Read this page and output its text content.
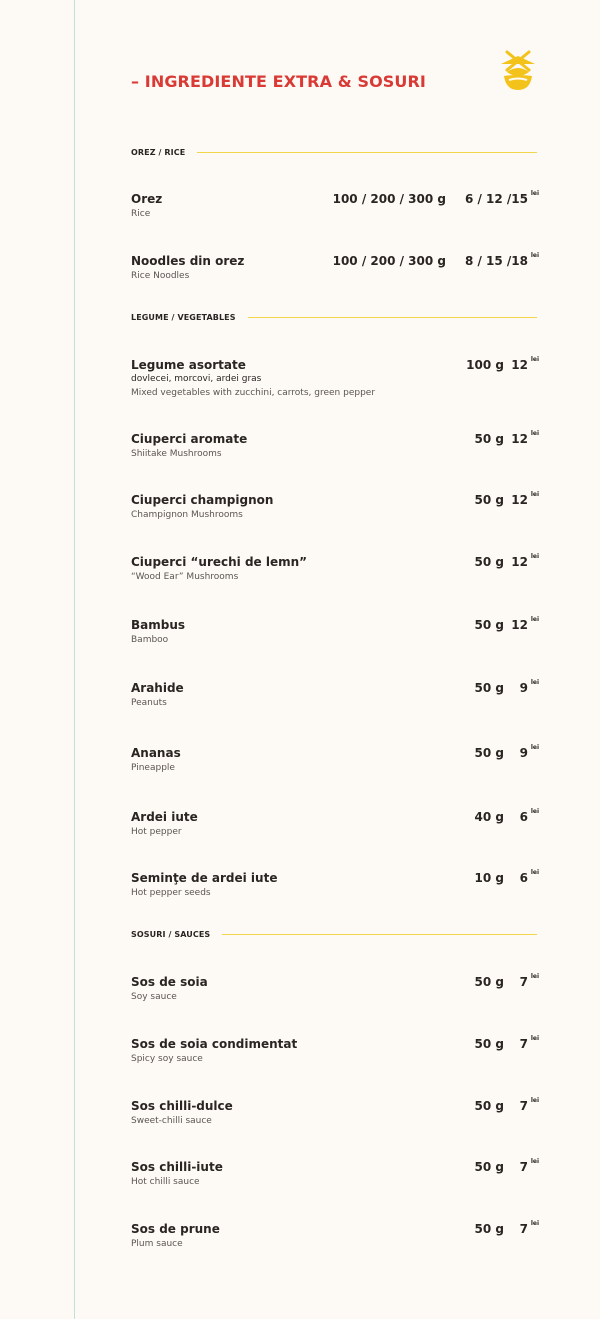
– INGREDIENTE EXTRA & SOSURI
OREZ / RICE
Orez
Rice
100 / 200 / 300 g 6 / 12 /15 lei
Noodles din orez
Rice Noodles
100 / 200 / 300 g 8 / 15 /18 lei
LEGUME / VEGETABLES
Legume asortate
dovlecei, morcovi, ardei gras
Mixed vegetables with zucchini, carrots, green pepper
100 g 12 lei
Ciuperci aromate
Shiitake Mushrooms
50 g 12 lei
Ciuperci champignon
Champignon Mushrooms
50 g 12 lei
Ciuperci “urechi de lemn”
“Wood Ear” Mushrooms
50 g 12 lei
Bambus
Bamboo
50 g 12 lei
Arahide
Peanuts
50 g 9 lei
Ananas
Pineapple
50 g 9 lei
Ardei iute
Hot pepper
40 g 6 lei
Seminţe de ardei iute
Hot pepper seeds
10 g 6 lei
SOSURI / SAUCES
Sos de soia
Soy sauce
50 g 7 lei
Sos de soia condimentat
Spicy soy sauce
50 g 7 lei
Sos chilli-dulce
Sweet-chilli sauce
50 g 7 lei
Sos chilli-iute
Hot chilli sauce
50 g 7 lei
Sos de prune
Plum sauce
50 g 7 lei
